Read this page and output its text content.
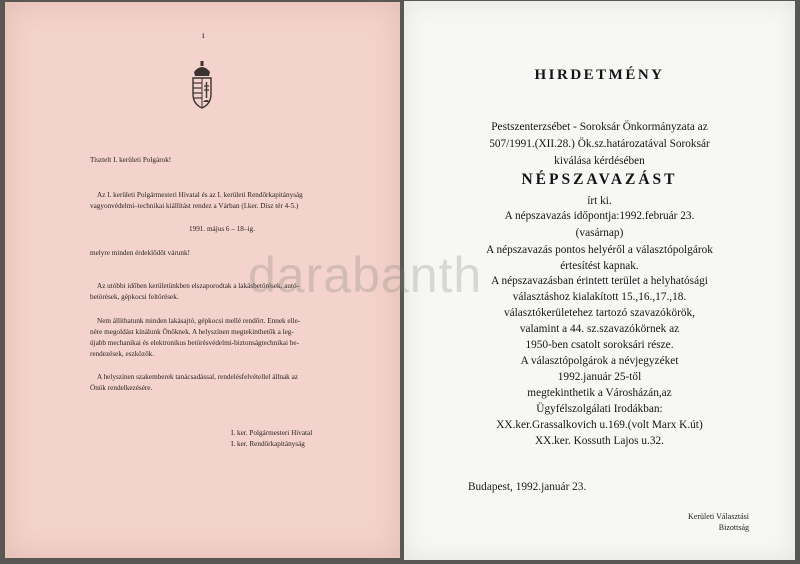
ı
Tisztelt I. kerületi Polgárok!
Az I. kerületi Polgármesteri Hivatal és az I. kerületi Rendőrkapitányság
vagyonvédelmi–technikai kiállítást rendez a Várban (I.ker. Dísz tér 4-5.)
1991. május 6 – 18–ig.
melyre minden érdeklődőt várunk!
Az utóbbi időben kerületünkben elszaporodtak a lakásbetörések, autó-
betörések, gépkocsi feltörések.
Nem állíthatunk minden lakásajtó, gépkocsi mellé rendőrt. Ennek elle-
nére megoldást kínálunk Önöknek. A helyszínen megtekinthetők a leg-
újabb mechanikai és elektronikus betörésvédelmi-biztonságtechnikai be-
rendezések, eszközök.
A helyszínen szakemberek tanácsadással, rendelésfelvétellel állnak az
Önök rendelkezésére.
I. ker. Polgármesteri Hivatal
I. ker. Rendőrkapitányság
HIRDETMÉNY
Pestszenterzsébet - Soroksár Önkormányzata az
507/1991.(XII.28.) Ök.sz.határozatával Soroksár
kiválása kérdésében
NÉPSZAVAZÁST
írt ki.
A népszavazás időpontja:1992.február 23.
(vasárnap)
A népszavazás pontos helyéről a választópolgárok
értesítést kapnak.
A népszavazásban érintett terület a helyhatósági
választáshoz kialakított 15.,16.,17.,18.
választókerületehez tartozó szavazókörök,
valamint a 44. sz.szavazókörnek az
1950-ben csatolt soroksári része.
A választópolgárok a névjegyzéket
1992.január 25-től
megtekinthetik a Városházán,az
Ügyfélszolgálati Irodákban:
XX.ker.Grassalkovich u.169.(volt Marx K.út)
XX.ker. Kossuth Lajos u.32.
Budapest, 1992.január 23.
Kerületi Választási
Bizottság
darabanth
